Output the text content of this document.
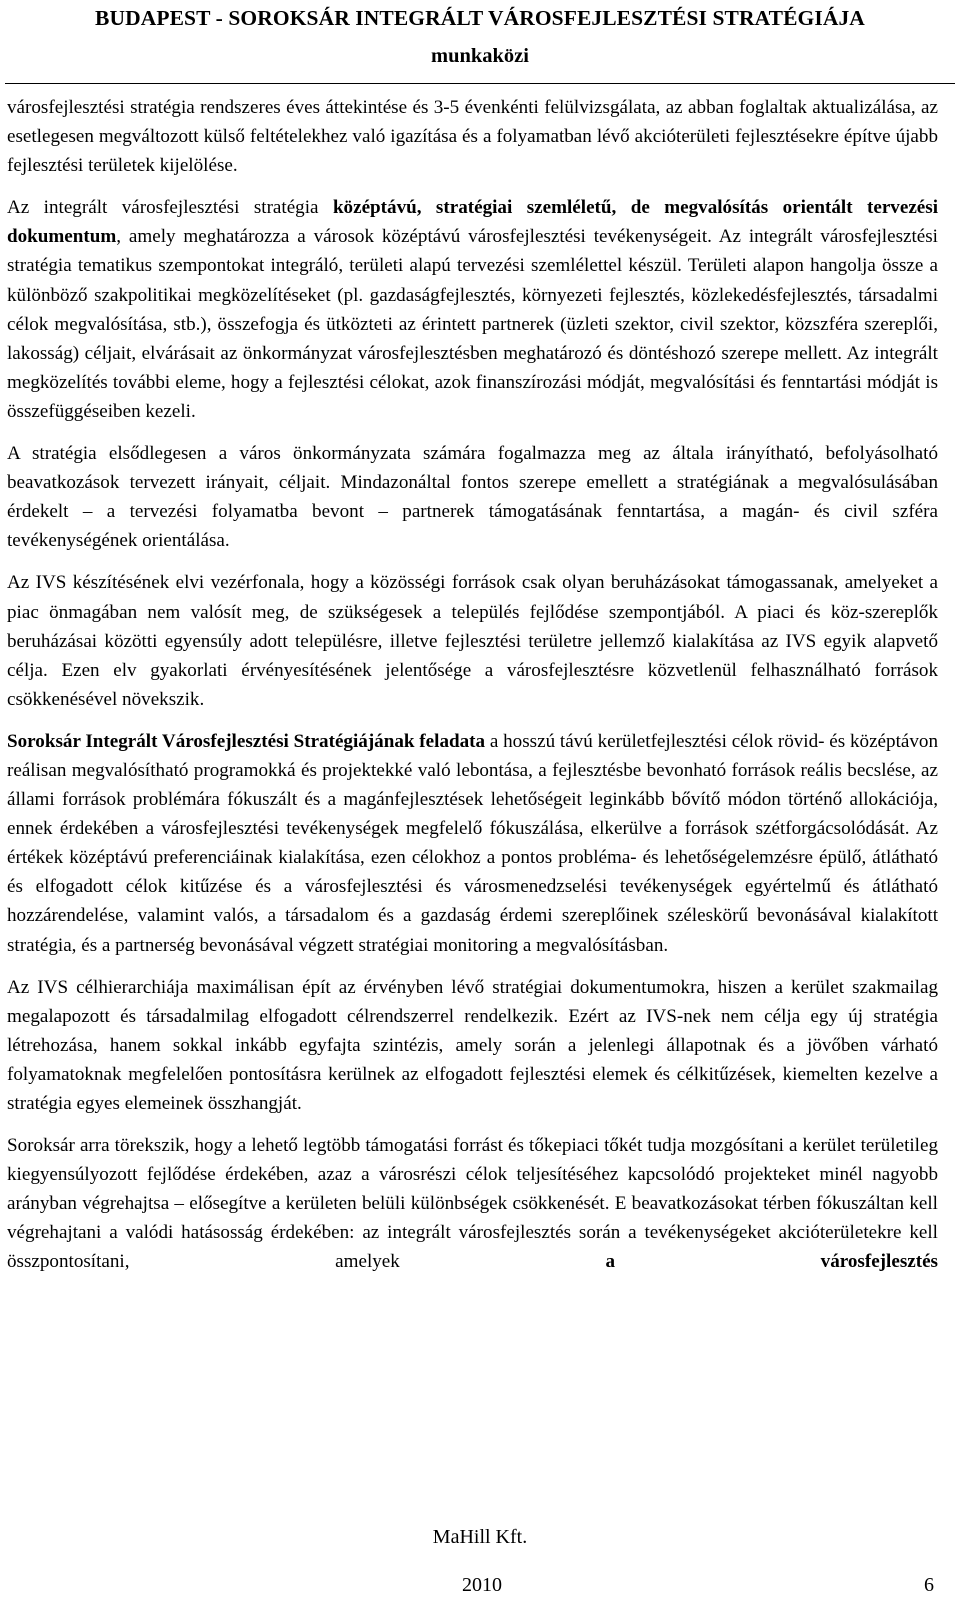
BUDAPEST - SOROKSÁR INTEGRÁLT VÁROSFEJLESZTÉSI STRATÉGIÁJA
munkaközi

városfejlesztési stratégia rendszeres éves áttekintése és 3-5 évenkénti felülvizsgálata, az abban foglaltak aktualizálása, az esetlegesen megváltozott külső feltételekhez való igazítása és a folyamatban lévő akcióterületi fejlesztésekre építve újabb fejlesztési területek kijelölése.

Az integrált városfejlesztési stratégia középtávú, stratégiai szemléletű, de megvalósítás orientált tervezési dokumentum, amely meghatározza a városok középtávú városfejlesztési tevékenységeit. Az integrált városfejlesztési stratégia tematikus szempontokat integráló, területi alapú tervezési szemlélettel készül. Területi alapon hangolja össze a különböző szakpolitikai megközelítéseket (pl. gazdaságfejlesztés, környezeti fejlesztés, közlekedésfejlesztés, társadalmi célok megvalósítása, stb.), összefogja és ütközteti az érintett partnerek (üzleti szektor, civil szektor, közszféra szereplői, lakosság) céljait, elvárásait az önkormányzat városfejlesztésben meghatározó és döntéshozó szerepe mellett. Az integrált megközelítés további eleme, hogy a fejlesztési célokat, azok finanszírozási módját, megvalósítási és fenntartási módját is összefüggéseiben kezeli.

A stratégia elsődlegesen a város önkormányzata számára fogalmazza meg az általa irányítható, befolyásolható beavatkozások tervezett irányait, céljait. Mindazonáltal fontos szerepe emellett a stratégiának a megvalósulásában érdekelt – a tervezési folyamatba bevont – partnerek támogatásának fenntartása, a magán- és civil szféra tevékenységének orientálása.

Az IVS készítésének elvi vezérfonala, hogy a közösségi források csak olyan beruházásokat támogassanak, amelyeket a piac önmagában nem valósít meg, de szükségesek a település fejlődése szempontjából. A piaci és köz-szereplők beruházásai közötti egyensúly adott településre, illetve fejlesztési területre jellemző kialakítása az IVS egyik alapvető célja. Ezen elv gyakorlati érvényesítésének jelentősége a városfejlesztésre közvetlenül felhasználható források csökkenésével növekszik.

Soroksár Integrált Városfejlesztési Stratégiájának feladata a hosszú távú kerületfejlesztési célok rövid- és középtávon reálisan megvalósítható programokká és projektekké való lebontása, a fejlesztésbe bevonható források reális becslése, az állami források problémára fókuszált és a magánfejlesztések lehetőségeit leginkább bővítő módon történő allokációja, ennek érdekében a városfejlesztési tevékenységek megfelelő fókuszálása, elkerülve a források szétforgácsolódását. Az értékek középtávú preferenciáinak kialakítása, ezen célokhoz a pontos probléma- és lehetőségelemzésre épülő, átlátható és elfogadott célok kitűzése és a városfejlesztési és városmenedzselési tevékenységek egyértelmű és átlátható hozzárendelése, valamint valós, a társadalom és a gazdaság érdemi szereplőinek széleskörű bevonásával kialakított stratégia, és a partnerség bevonásával végzett stratégiai monitoring a megvalósításban.

Az IVS célhierarchiája maximálisan épít az érvényben lévő stratégiai dokumentumokra, hiszen a kerület szakmailag megalapozott és társadalmilag elfogadott célrendszerrel rendelkezik. Ezért az IVS-nek nem célja egy új stratégia létrehozása, hanem sokkal inkább egyfajta szintézis, amely során a jelenlegi állapotnak és a jövőben várható folyamatoknak megfelelően pontosításra kerülnek az elfogadott fejlesztési elemek és célkitűzések, kiemelten kezelve a stratégia egyes elemeinek összhangját.

Soroksár arra törekszik, hogy a lehető legtöbb támogatási forrást és tőkepiaci tőkét tudja mozgósítani a kerület területileg kiegyensúlyozott fejlődése érdekében, azaz a városrészi célok teljesítéséhez kapcsolódó projekteket minél nagyobb arányban végrehajtsa – elősegítve a kerületen belüli különbségek csökkenését. E beavatkozásokat térben fókuszáltan kell végrehajtani a valódi hatásosság érdekében: az integrált városfejlesztés során a tevékenységeket akcióterületekre kell összpontosítani, amelyek a városfejlesztés

MaHill Kft.
2010	6
